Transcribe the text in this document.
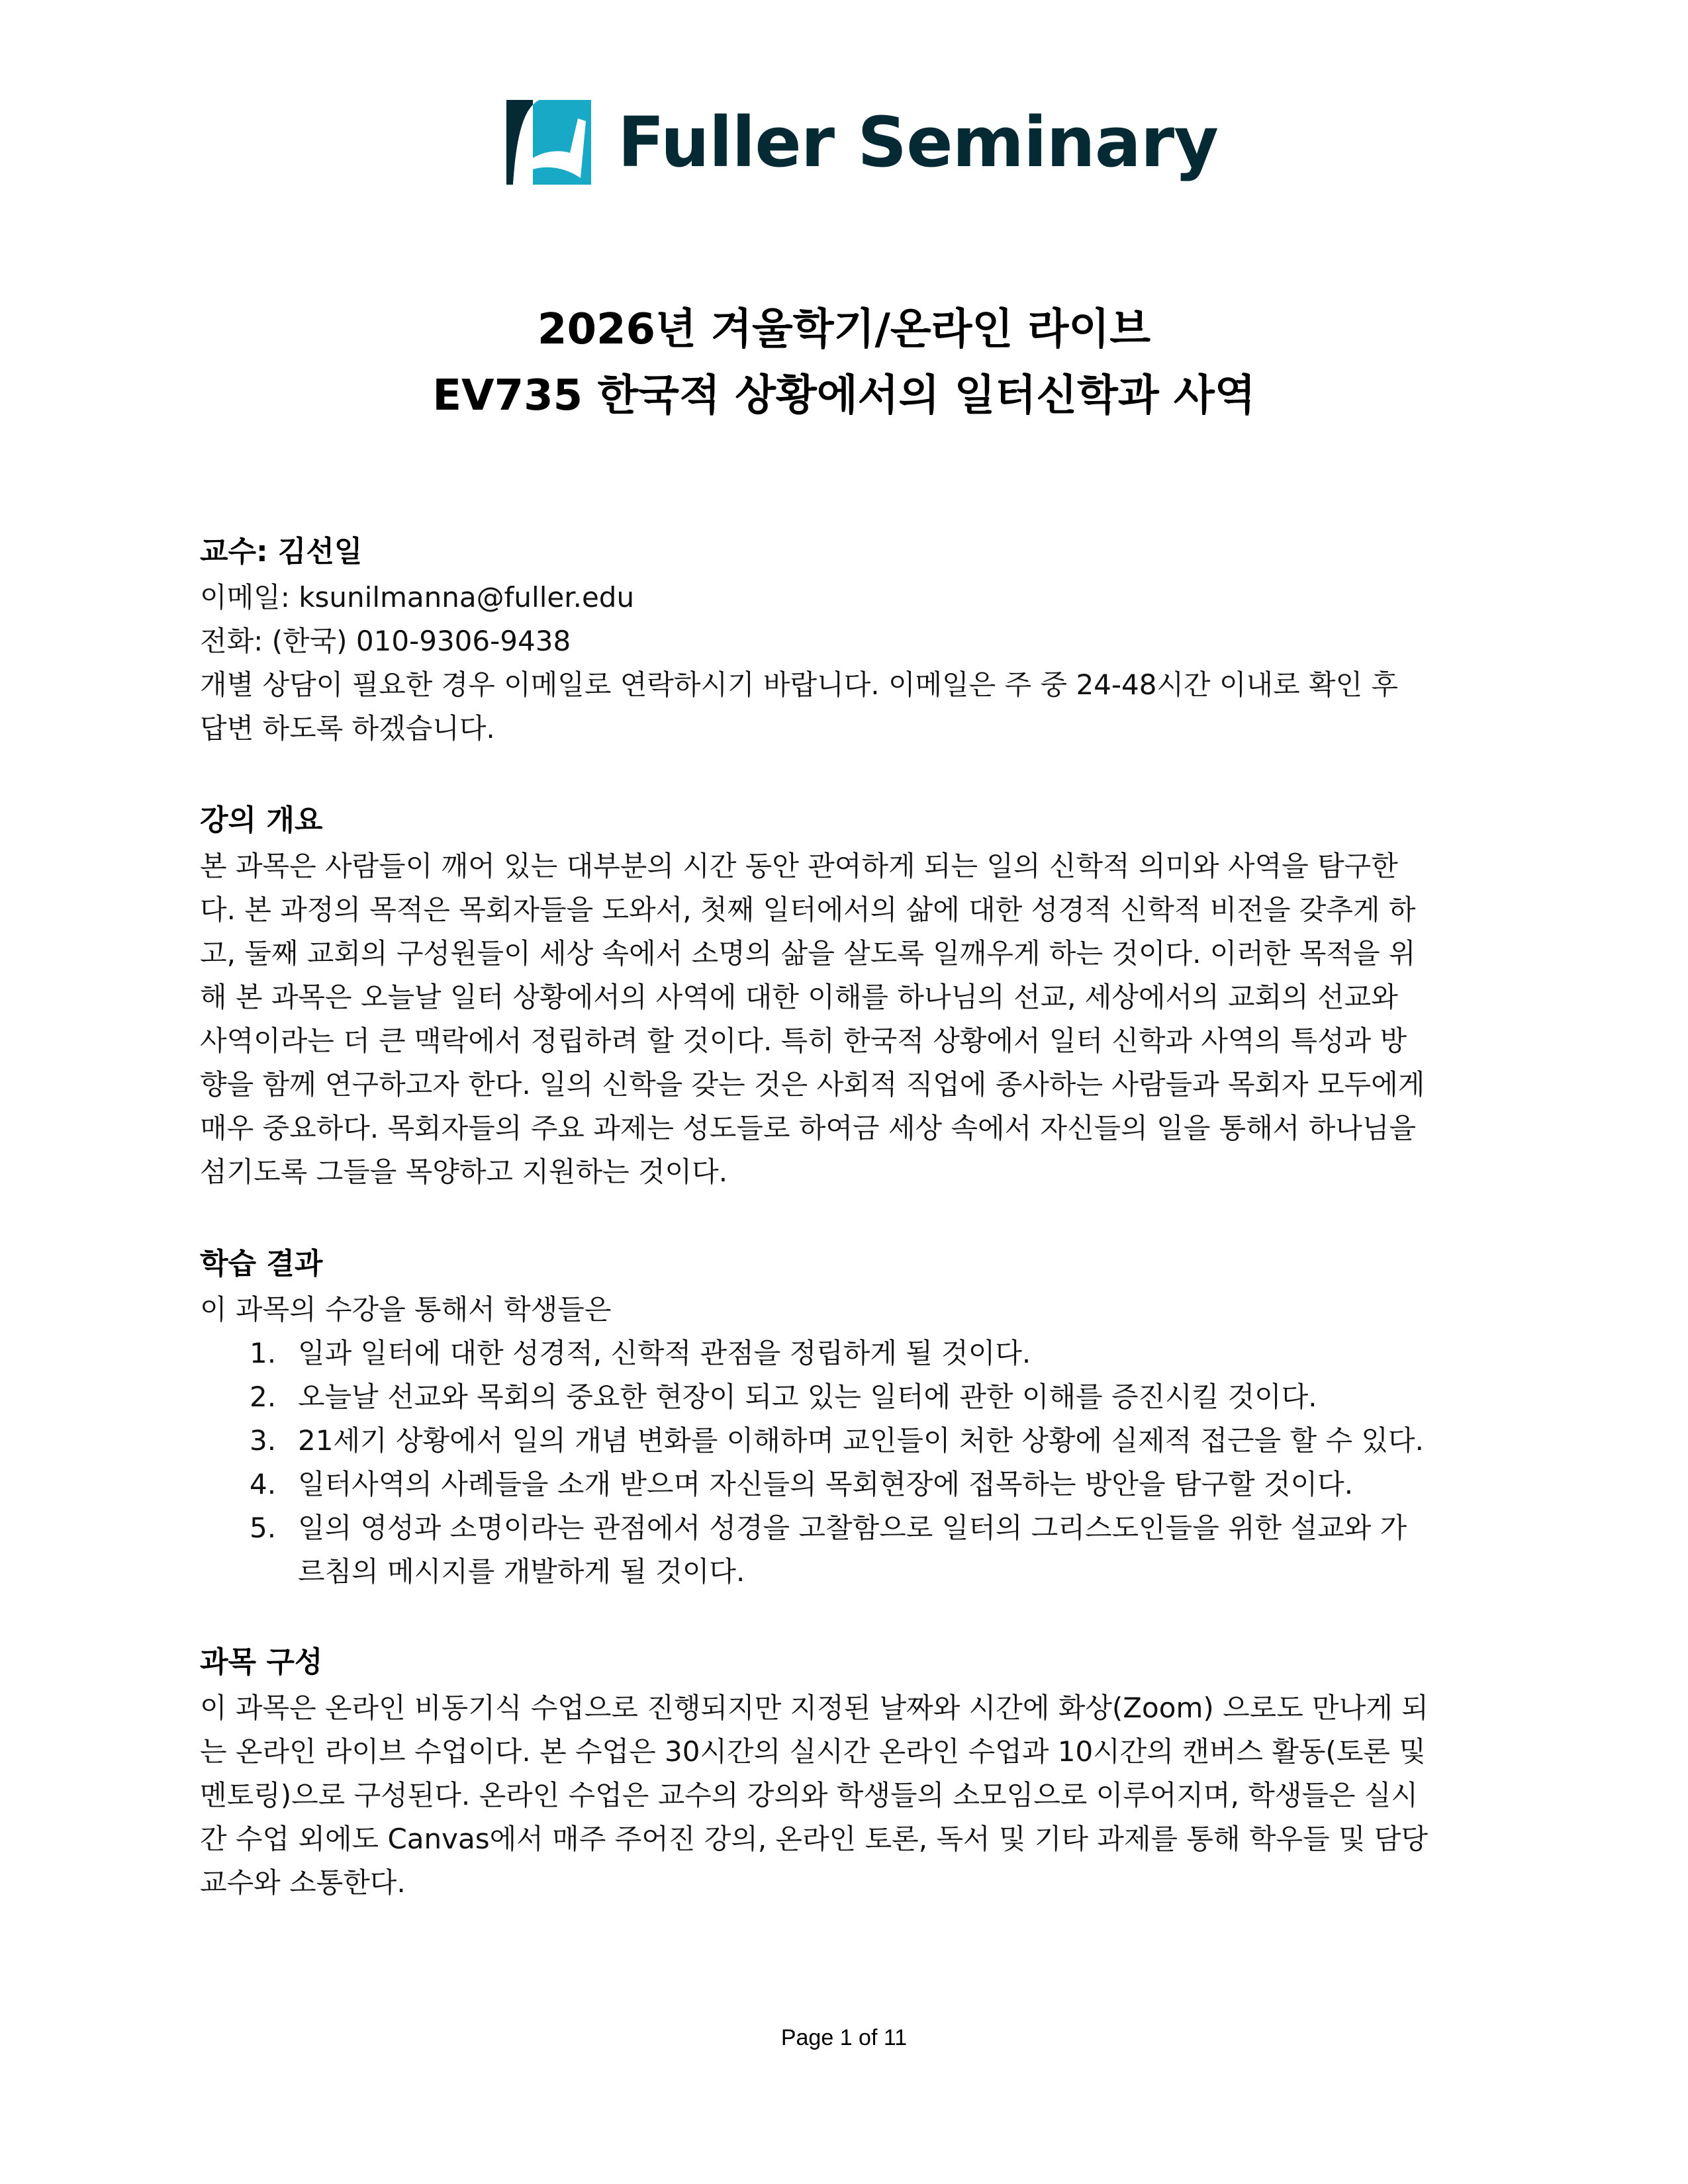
Fuller Seminary
2026년 겨울학기/온라인 라이브
EV735 한국적 상황에서의 일터신학과 사역
교수: 김선일
이메일: ksunilmanna@fuller.edu
전화: (한국) 010-9306-9438
개별 상담이 필요한 경우 이메일로 연락하시기 바랍니다. 이메일은 주 중 24-48시간 이내로 확인 후
답변 하도록 하겠습니다.
강의 개요
본 과목은 사람들이 깨어 있는 대부분의 시간 동안 관여하게 되는 일의 신학적 의미와 사역을 탐구한
다. 본 과정의 목적은 목회자들을 도와서, 첫째 일터에서의 삶에 대한 성경적 신학적 비전을 갖추게 하
고, 둘째 교회의 구성원들이 세상 속에서 소명의 삶을 살도록 일깨우게 하는 것이다. 이러한 목적을 위
해 본 과목은 오늘날 일터 상황에서의 사역에 대한 이해를 하나님의 선교, 세상에서의 교회의 선교와
사역이라는 더 큰 맥락에서 정립하려 할 것이다. 특히 한국적 상황에서 일터 신학과 사역의 특성과 방
향을 함께 연구하고자 한다. 일의 신학을 갖는 것은 사회적 직업에 종사하는 사람들과 목회자 모두에게
매우 중요하다. 목회자들의 주요 과제는 성도들로 하여금 세상 속에서 자신들의 일을 통해서 하나님을
섬기도록 그들을 목양하고 지원하는 것이다.
학습 결과
이 과목의 수강을 통해서 학생들은
1. 일과 일터에 대한 성경적, 신학적 관점을 정립하게 될 것이다.
2. 오늘날 선교와 목회의 중요한 현장이 되고 있는 일터에 관한 이해를 증진시킬 것이다.
3. 21세기 상황에서 일의 개념 변화를 이해하며 교인들이 처한 상황에 실제적 접근을 할 수 있다.
4. 일터사역의 사례들을 소개 받으며 자신들의 목회현장에 접목하는 방안을 탐구할 것이다.
5. 일의 영성과 소명이라는 관점에서 성경을 고찰함으로 일터의 그리스도인들을 위한 설교와 가
르침의 메시지를 개발하게 될 것이다.
과목 구성
이 과목은 온라인 비동기식 수업으로 진행되지만 지정된 날짜와 시간에 화상(Zoom) 으로도 만나게 되
는 온라인 라이브 수업이다. 본 수업은 30시간의 실시간 온라인 수업과 10시간의 캔버스 활동(토론 및
멘토링)으로 구성된다. 온라인 수업은 교수의 강의와 학생들의 소모임으로 이루어지며, 학생들은 실시
간 수업 외에도 Canvas에서 매주 주어진 강의, 온라인 토론, 독서 및 기타 과제를 통해 학우들 및 담당
교수와 소통한다.
Page 1 of 11
